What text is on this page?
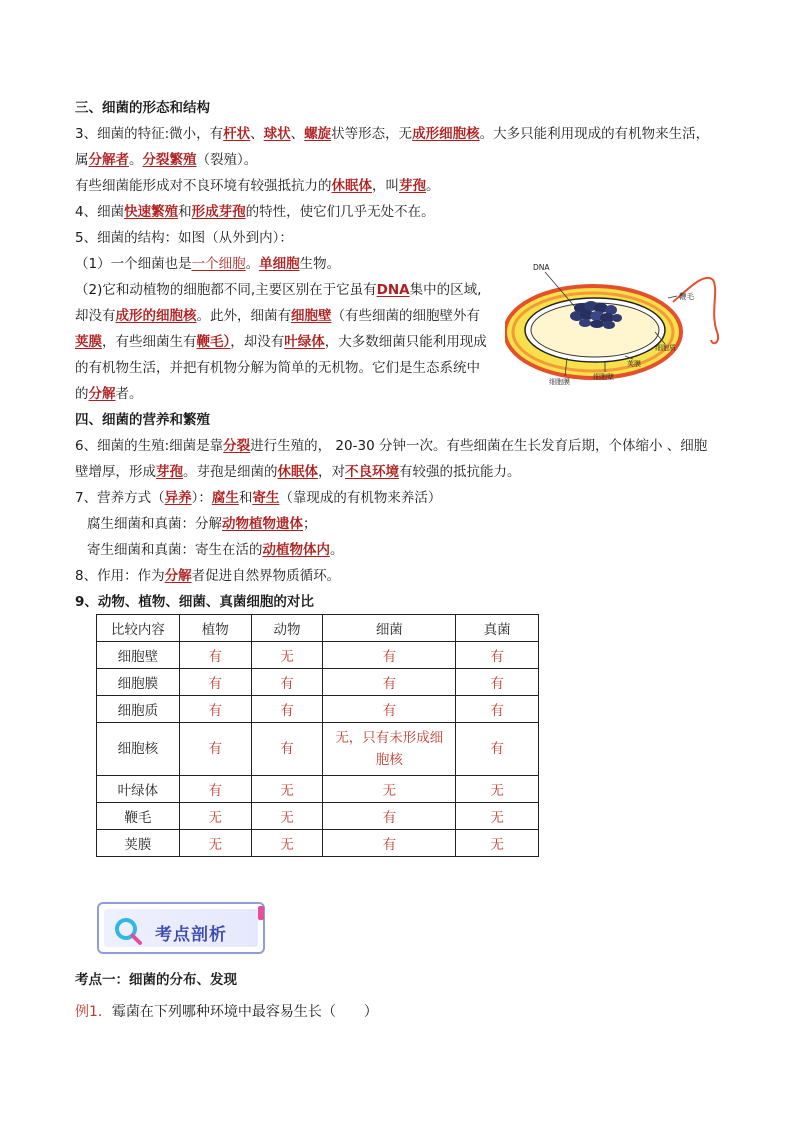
三、细菌的形态和结构
3、细菌的特征:微小，有杆状、球状、螺旋状等形态，无成形细胞核。大多只能利用现成的有机物来生活，
属分解者。分裂繁殖（裂殖）。
有些细菌能形成对不良环境有较强抵抗力的休眠体，叫芽孢。
4、细菌快速繁殖和形成芽孢的特性，使它们几乎无处不在。
5、细菌的结构：如图（从外到内）：
（1）一个细菌也是一个细胞。单细胞生物。
（2)它和动植物的细胞都不同,主要区别在于它虽有DNA集中的区域,
却没有成形的细胞核。此外，细菌有细胞壁（有些细菌的细胞壁外有
荚膜，有些细菌生有鞭毛），却没有叶绿体，大多数细菌只能利用现成
的有机物生活，并把有机物分解为简单的无机物。它们是生态系统中
的分解者。
DNA
鞭毛
细胞质
荚膜
细胞壁
细胞膜
四、细菌的营养和繁殖
6、细菌的生殖:细菌是靠分裂进行生殖的， 20-30 分钟一次。有些细菌在生长发育后期，个体缩小 、细胞
壁增厚，形成芽孢。芽孢是细菌的休眠体，对不良环境有较强的抵抗能力。
7、营养方式（异养）：腐生和寄生（靠现成的有机物来养活）
腐生细菌和真菌：分解动物植物遗体；
寄生细菌和真菌：寄生在活的动植物体内。
8、作用：作为分解者促进自然界物质循环。
9、动物、植物、细菌、真菌细胞的对比
比较内容	植物	动物	细菌	真菌
细胞壁	有	无	有	有
细胞膜	有	有	有	有
细胞质	有	有	有	有
细胞核	有	有	无，只有未形成细胞核	有
叶绿体	有	无	无	无
鞭毛	无	无	有	无
荚膜	无	无	有	无
考点剖析
考点一：细菌的分布、发现
例1．霉菌在下列哪种环境中最容易生长（　　）
